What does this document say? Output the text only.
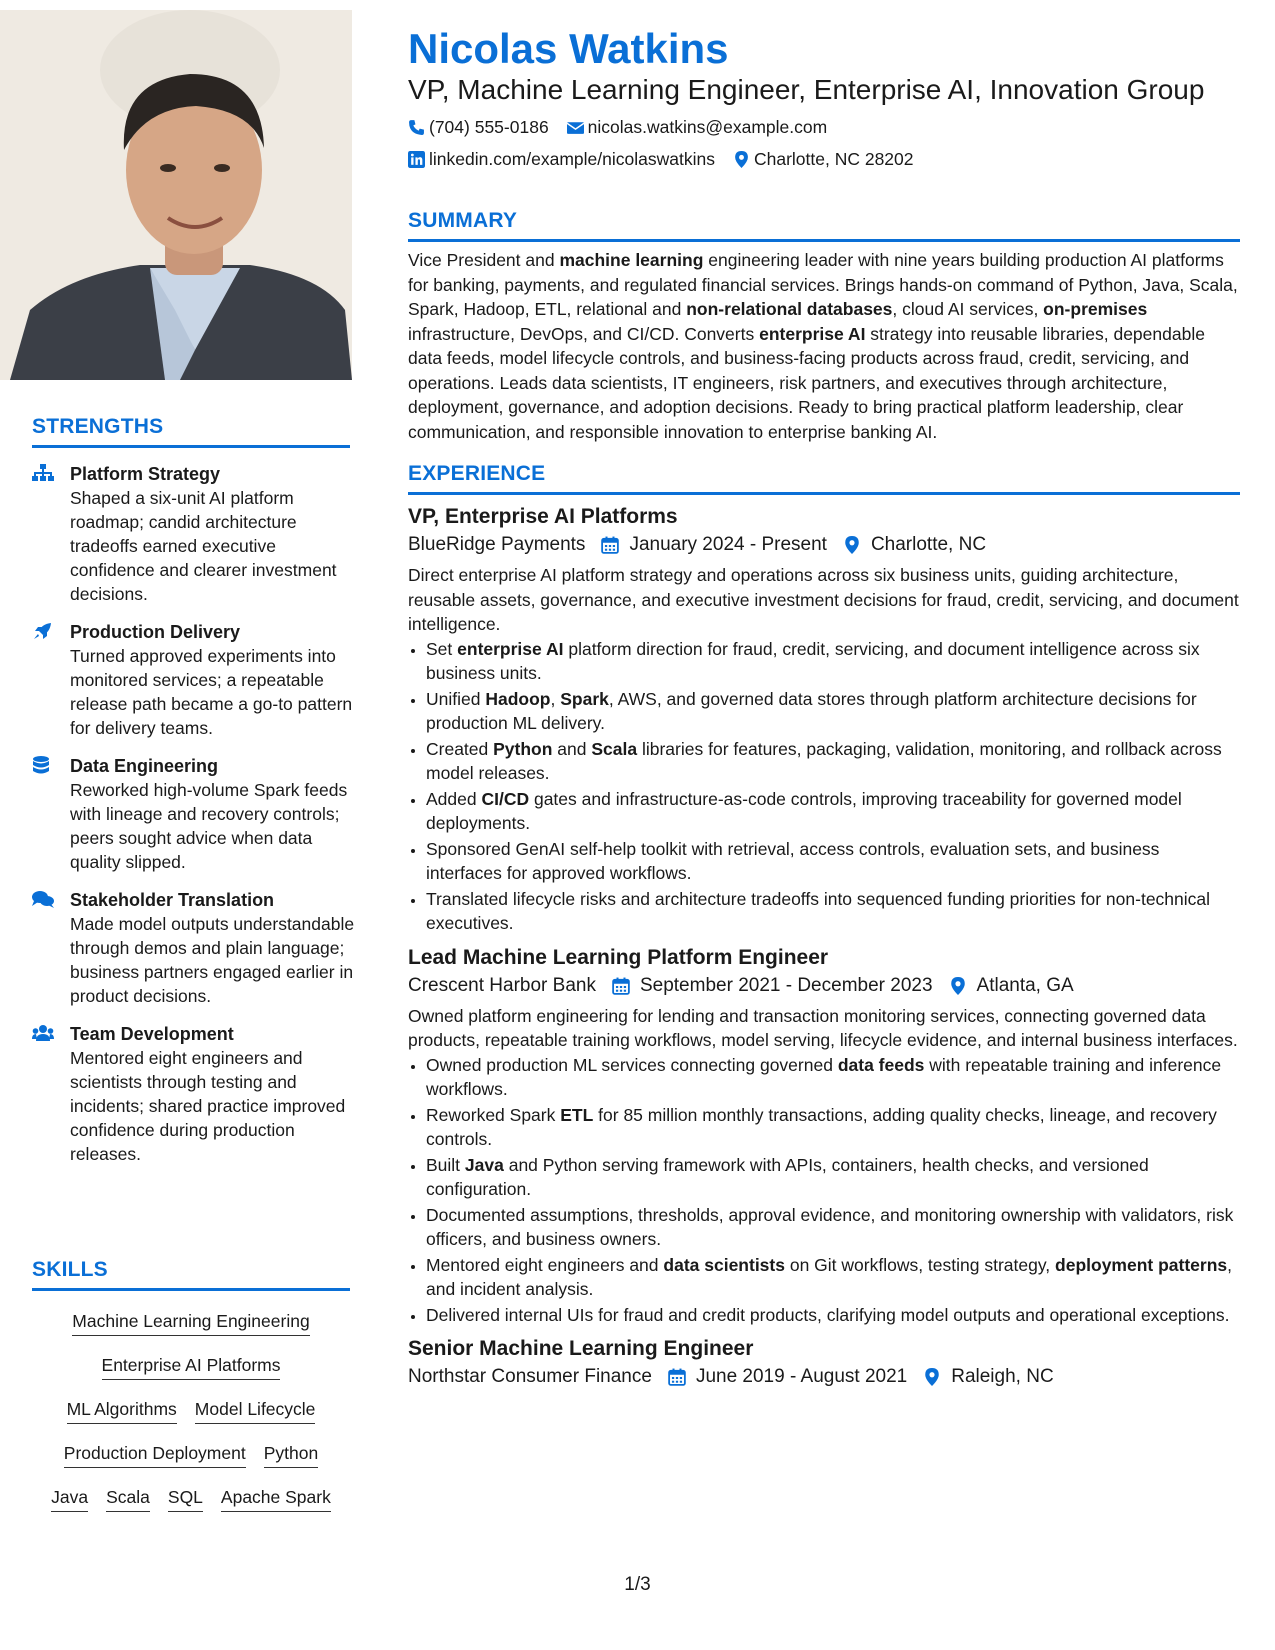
STRENGTHS
Platform Strategy
Shaped a six-unit AI platform roadmap; candid architecture tradeoffs earned executive confidence and clearer investment decisions.
Production Delivery
Turned approved experiments into monitored services; a repeatable release path became a go-to pattern for delivery teams.
Data Engineering
Reworked high-volume Spark feeds with lineage and recovery controls; peers sought advice when data quality slipped.
Stakeholder Translation
Made model outputs understandable through demos and plain language; business partners engaged earlier in product decisions.
Team Development
Mentored eight engineers and scientists through testing and incidents; shared practice improved confidence during production releases.
SKILLS
Machine Learning Engineering
Enterprise AI Platforms
ML Algorithms Model Lifecycle
Production Deployment Python
Java Scala SQL Apache Spark
Nicolas Watkins
VP, Machine Learning Engineer, Enterprise AI, Innovation Group
(704) 555-0186 nicolas.watkins@example.com
linkedin.com/example/nicolaswatkins Charlotte, NC 28202
SUMMARY
Vice President and machine learning engineering leader with nine years building production AI platforms for banking, payments, and regulated financial services. Brings hands-on command of Python, Java, Scala, Spark, Hadoop, ETL, relational and non-relational databases, cloud AI services, on-premises infrastructure, DevOps, and CI/CD. Converts enterprise AI strategy into reusable libraries, dependable data feeds, model lifecycle controls, and business-facing products across fraud, credit, servicing, and operations. Leads data scientists, IT engineers, risk partners, and executives through architecture, deployment, governance, and adoption decisions. Ready to bring practical platform leadership, clear communication, and responsible innovation to enterprise banking AI.
EXPERIENCE
VP, Enterprise AI Platforms
BlueRidge Payments January 2024 - Present Charlotte, NC
Direct enterprise AI platform strategy and operations across six business units, guiding architecture, reusable assets, governance, and executive investment decisions for fraud, credit, servicing, and document intelligence.
• Set enterprise AI platform direction for fraud, credit, servicing, and document intelligence across six business units.
• Unified Hadoop, Spark, AWS, and governed data stores through platform architecture decisions for production ML delivery.
• Created Python and Scala libraries for features, packaging, validation, monitoring, and rollback across model releases.
• Added CI/CD gates and infrastructure-as-code controls, improving traceability for governed model deployments.
• Sponsored GenAI self-help toolkit with retrieval, access controls, evaluation sets, and business interfaces for approved workflows.
• Translated lifecycle risks and architecture tradeoffs into sequenced funding priorities for non-technical executives.
Lead Machine Learning Platform Engineer
Crescent Harbor Bank September 2021 - December 2023 Atlanta, GA
Owned platform engineering for lending and transaction monitoring services, connecting governed data products, repeatable training workflows, model serving, lifecycle evidence, and internal business interfaces.
• Owned production ML services connecting governed data feeds with repeatable training and inference workflows.
• Reworked Spark ETL for 85 million monthly transactions, adding quality checks, lineage, and recovery controls.
• Built Java and Python serving framework with APIs, containers, health checks, and versioned configuration.
• Documented assumptions, thresholds, approval evidence, and monitoring ownership with validators, risk officers, and business owners.
• Mentored eight engineers and data scientists on Git workflows, testing strategy, deployment patterns, and incident analysis.
• Delivered internal UIs for fraud and credit products, clarifying model outputs and operational exceptions.
Senior Machine Learning Engineer
Northstar Consumer Finance June 2019 - August 2021 Raleigh, NC
1/3
